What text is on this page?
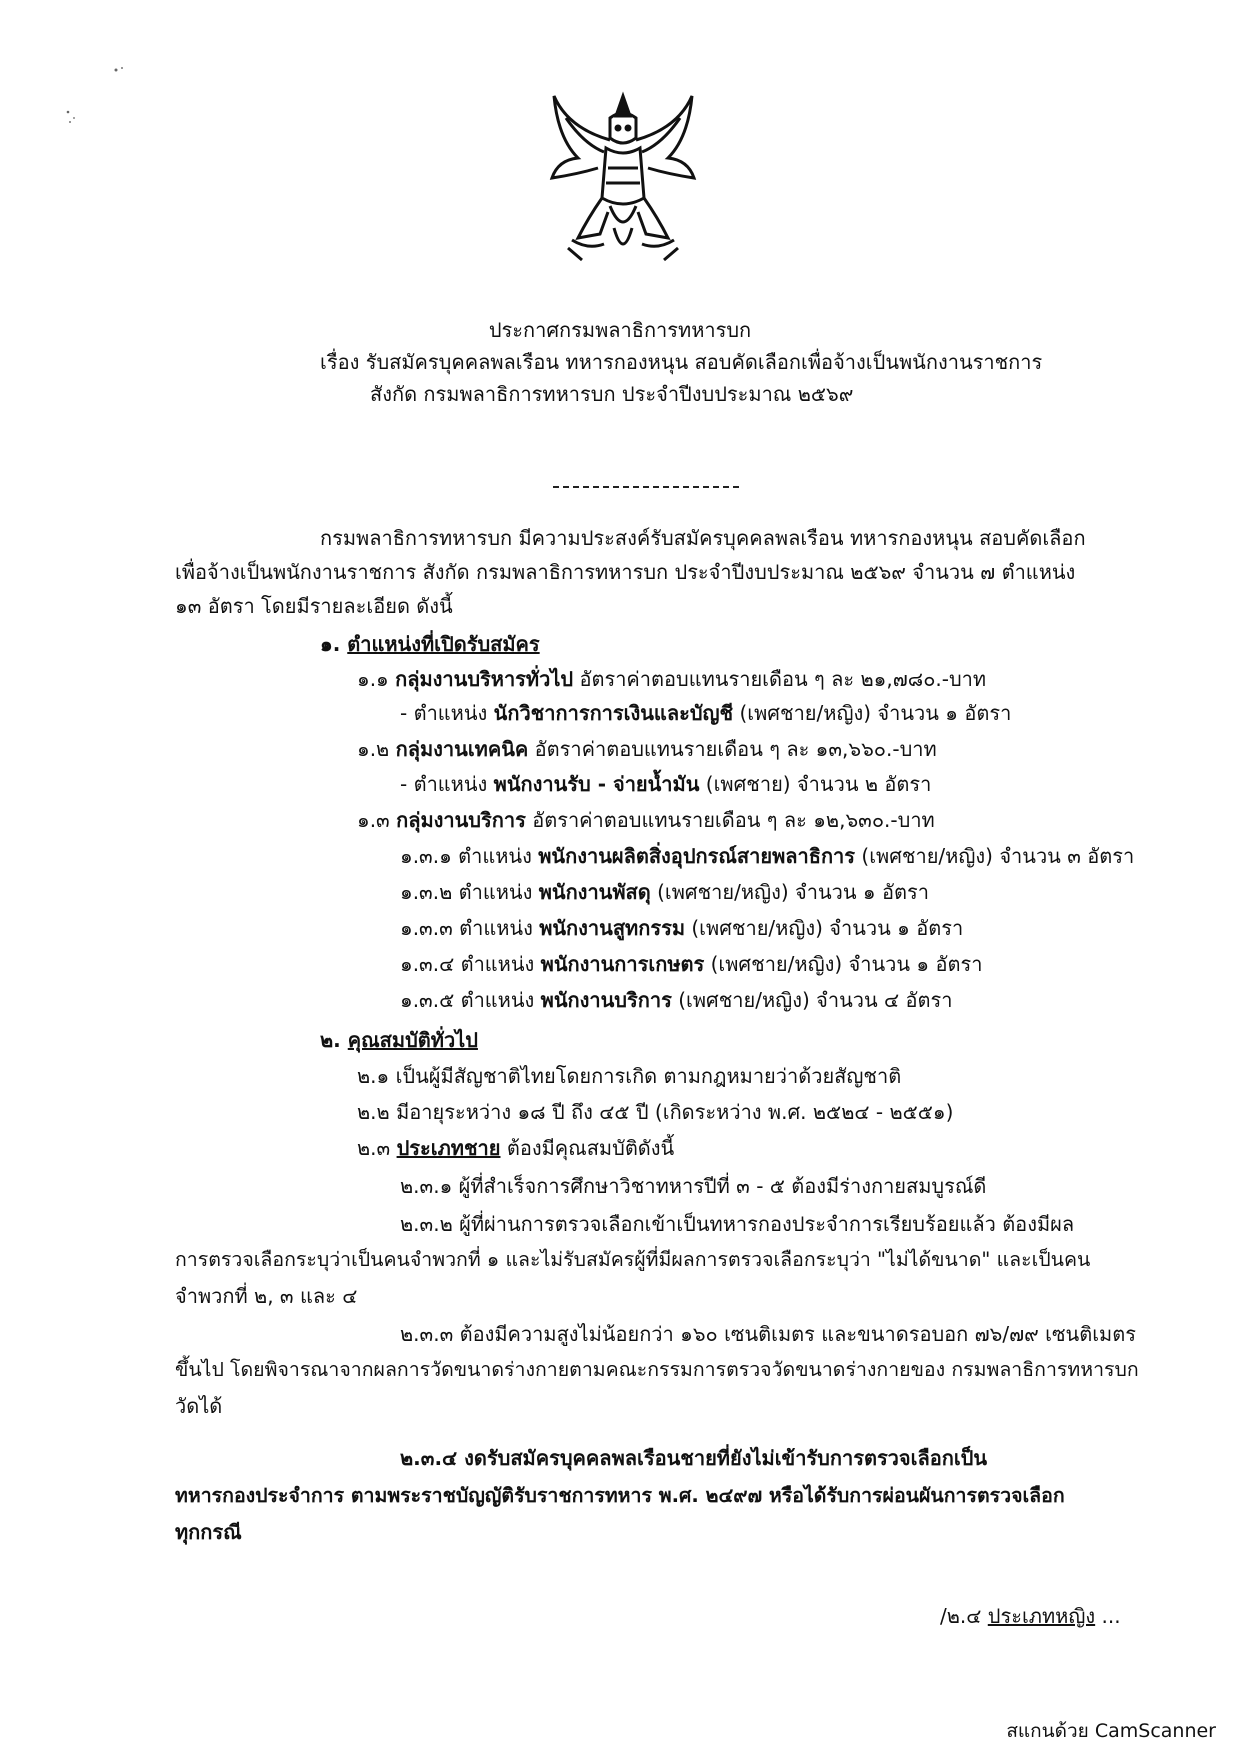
ประกาศกรมพลาธิการทหารบก
เรื่อง รับสมัครบุคคลพลเรือน ทหารกองหนุน สอบคัดเลือกเพื่อจ้างเป็นพนักงานราชการ
สังกัด กรมพลาธิการทหารบก ประจำปีงบประมาณ ๒๕๖๙
-------------------------
กรมพลาธิการทหารบก มีความประสงค์รับสมัครบุคคลพลเรือน ทหารกองหนุน สอบคัดเลือก
เพื่อจ้างเป็นพนักงานราชการ สังกัด กรมพลาธิการทหารบก ประจำปีงบประมาณ ๒๕๖๙ จำนวน ๗ ตำแหน่ง
๑๓ อัตรา โดยมีรายละเอียด ดังนี้
๑. ตำแหน่งที่เปิดรับสมัคร
๑.๑ กลุ่มงานบริหารทั่วไป อัตราค่าตอบแทนรายเดือน ๆ ละ ๒๑,๗๘๐.-บาท
- ตำแหน่ง นักวิชาการการเงินและบัญชี (เพศชาย/หญิง) จำนวน ๑ อัตรา
๑.๒ กลุ่มงานเทคนิค อัตราค่าตอบแทนรายเดือน ๆ ละ ๑๓,๖๖๐.-บาท
- ตำแหน่ง พนักงานรับ - จ่ายน้ำมัน (เพศชาย) จำนวน ๒ อัตรา
๑.๓ กลุ่มงานบริการ อัตราค่าตอบแทนรายเดือน ๆ ละ ๑๒,๖๓๐.-บาท
๑.๓.๑ ตำแหน่ง พนักงานผลิตสิ่งอุปกรณ์สายพลาธิการ (เพศชาย/หญิง) จำนวน ๓ อัตรา
๑.๓.๒ ตำแหน่ง พนักงานพัสดุ (เพศชาย/หญิง) จำนวน ๑ อัตรา
๑.๓.๓ ตำแหน่ง พนักงานสูทกรรม (เพศชาย/หญิง) จำนวน ๑ อัตรา
๑.๓.๔ ตำแหน่ง พนักงานการเกษตร (เพศชาย/หญิง) จำนวน ๑ อัตรา
๑.๓.๕ ตำแหน่ง พนักงานบริการ (เพศชาย/หญิง) จำนวน ๔ อัตรา
๒. คุณสมบัติทั่วไป
๒.๑ เป็นผู้มีสัญชาติไทยโดยการเกิด ตามกฎหมายว่าด้วยสัญชาติ
๒.๒ มีอายุระหว่าง ๑๘ ปี ถึง ๔๕ ปี (เกิดระหว่าง พ.ศ. ๒๕๒๔ - ๒๕๕๑)
๒.๓ ประเภทชาย ต้องมีคุณสมบัติดังนี้
๒.๓.๑ ผู้ที่สำเร็จการศึกษาวิชาทหารปีที่ ๓ - ๕ ต้องมีร่างกายสมบูรณ์ดี
๒.๓.๒ ผู้ที่ผ่านการตรวจเลือกเข้าเป็นทหารกองประจำการเรียบร้อยแล้ว ต้องมีผล
การตรวจเลือกระบุว่าเป็นคนจำพวกที่ ๑ และไม่รับสมัครผู้ที่มีผลการตรวจเลือกระบุว่า "ไม่ได้ขนาด" และเป็นคน
จำพวกที่ ๒, ๓ และ ๔
๒.๓.๓ ต้องมีความสูงไม่น้อยกว่า ๑๖๐ เซนติเมตร และขนาดรอบอก ๗๖/๗๙ เซนติเมตร
ขึ้นไป โดยพิจารณาจากผลการวัดขนาดร่างกายตามคณะกรรมการตรวจวัดขนาดร่างกายของ กรมพลาธิการทหารบก
วัดได้
๒.๓.๔ งดรับสมัครบุคคลพลเรือนชายที่ยังไม่เข้ารับการตรวจเลือกเป็น
ทหารกองประจำการ ตามพระราชบัญญัติรับราชการทหาร พ.ศ. ๒๔๙๗ หรือได้รับการผ่อนผันการตรวจเลือก
ทุกกรณี
/๒.๔ ประเภทหญิง ...
สแกนด้วย CamScanner
